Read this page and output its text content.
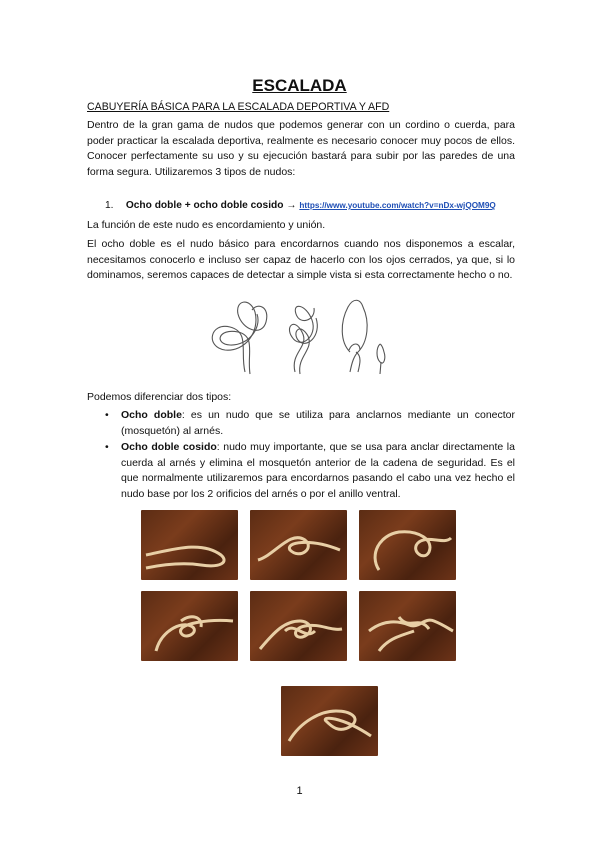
ESCALADA
CABUYERÍA BÁSICA PARA LA ESCALADA DEPORTIVA Y AFD
Dentro de la gran gama de nudos que podemos generar con un cordino o cuerda, para poder practicar la escalada deportiva, realmente es necesario conocer muy pocos de ellos. Conocer perfectamente su uso y su ejecución bastará para subir por las paredes de una forma segura. Utilizaremos 3 tipos de nudos:
1. Ocho doble + ocho doble cosido → https://www.youtube.com/watch?v=nDx-wjQOM9Q
La función de este nudo es encordamiento y unión.
El ocho doble es el nudo básico para encordarnos cuando nos disponemos a escalar, necesitamos conocerlo e incluso ser capaz de hacerlo con los ojos cerrados, ya que, si lo dominamos, seremos capaces de detectar a simple vista si esta correctamente hecho o no.
Podemos diferenciar dos tipos:
• Ocho doble: es un nudo que se utiliza para anclarnos mediante un conector (mosquetón) al arnés.
• Ocho doble cosido: nudo muy importante, que se usa para anclar directamente la cuerda al arnés y elimina el mosquetón anterior de la cadena de seguridad. Es el que normalmente utilizaremos para encordarnos pasando el cabo una vez hecho el nudo base por los 2 orificios del arnés o por el anillo ventral.
1
